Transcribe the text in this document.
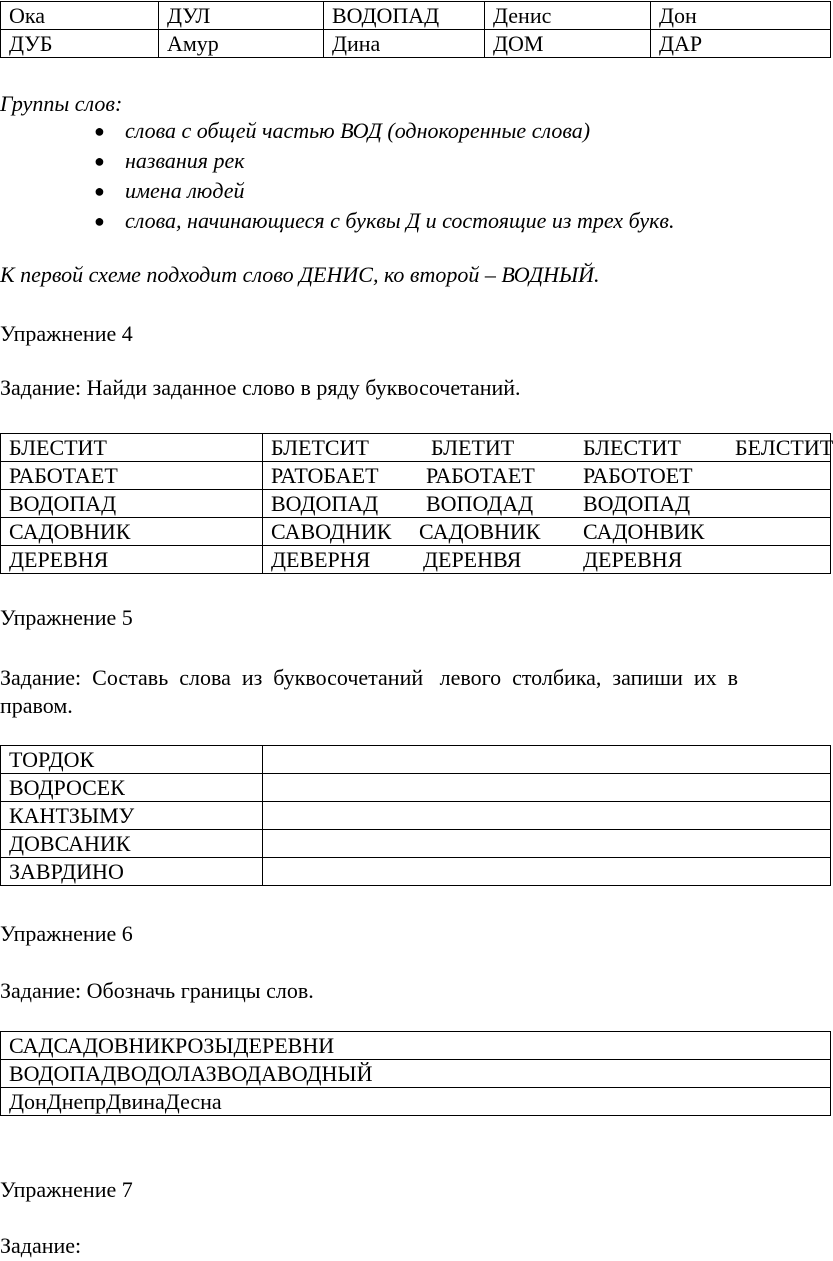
Ока	ДУЛ	ВОДОПАД	Денис	Дон
ДУБ	Амур	Дина	ДОМ	ДАР
Группы слов:
● слова с общей частью ВОД (однокоренные слова)
● названия рек
● имена людей
● слова, начинающиеся с буквы Д и состоящие из трех букв.
К первой схеме подходит слово ДЕНИС, ко второй – ВОДНЫЙ.
Упражнение 4
Задание: Найди заданное слово в ряду буквосочетаний.
БЛЕСТИТ	БЛЕТСИТ БЛЕТИТ БЛЕСТИТ БЕЛСТИТ
РАБОТАЕТ	РАТОБАЕТ РАБОТАЕТ РАБОТОЕТ
ВОДОПАД	ВОДОПАД ВОПОДАД ВОДОПАД
САДОВНИК	САВОДНИК САДОВНИК САДОНВИК
ДЕРЕВНЯ	ДЕВЕРНЯ ДЕРЕНВЯ ДЕРЕВНЯ
Упражнение 5
Задание:  Составь  слова  из  буквосочетаний   левого  столбика,  запиши  их  в
правом.
ТОРДОК	
ВОДРОСЕК	
КАНТЗЫМУ	
ДОВСАНИК	
ЗАВРДИНО	
Упражнение 6
Задание: Обозначь границы слов.
САДСАДОВНИКРОЗЫДЕРЕВНИ
ВОДОПАДВОДОЛАЗВОДАВОДНЫЙ
ДонДнепрДвинаДесна
Упражнение 7
Задание:
